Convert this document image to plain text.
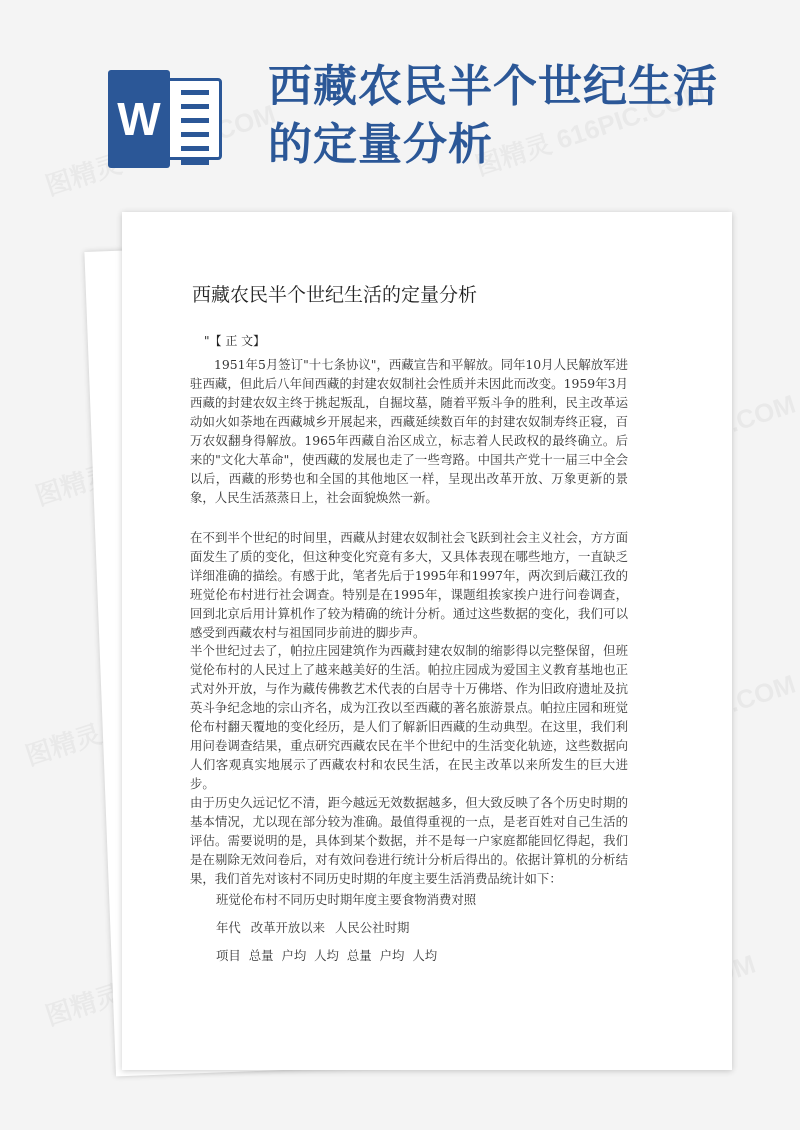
W
西藏农民半个世纪生活的定量分析
西藏农民半个世纪生活的定量分析

"【 正 文】

1951年5月签订"十七条协议"，西藏宣告和平解放。同年10月人民解放军进驻西藏，但此后八年间西藏的封建农奴制社会性质并未因此而改变。1959年3月西藏的封建农奴主终于挑起叛乱，自掘坟墓，随着平叛斗争的胜利，民主改革运动如火如荼地在西藏城乡开展起来，西藏延续数百年的封建农奴制寿终正寝，百万农奴翻身得解放。1965年西藏自治区成立，标志着人民政权的最终确立。后来的"文化大革命"，使西藏的发展也走了一些弯路。中国共产党十一届三中全会以后，西藏的形势也和全国的其他地区一样，呈现出改革开放、万象更新的景象，人民生活蒸蒸日上，社会面貌焕然一新。

在不到半个世纪的时间里，西藏从封建农奴制社会飞跃到社会主义社会，方方面面发生了质的变化，但这种变化究竟有多大，又具体表现在哪些地方，一直缺乏详细准确的描绘。有感于此，笔者先后于1995年和1997年，两次到后藏江孜的班觉伦布村进行社会调查。特别是在1995年，课题组挨家挨户进行问卷调查，回到北京后用计算机作了较为精确的统计分析。通过这些数据的变化，我们可以感受到西藏农村与祖国同步前进的脚步声。

半个世纪过去了，帕拉庄园建筑作为西藏封建农奴制的缩影得以完整保留，但班觉伦布村的人民过上了越来越美好的生活。帕拉庄园成为爱国主义教育基地也正式对外开放，与作为藏传佛教艺术代表的白居寺十万佛塔、作为旧政府遗址及抗英斗争纪念地的宗山齐名，成为江孜以至西藏的著名旅游景点。帕拉庄园和班觉伦布村翻天覆地的变化经历，是人们了解新旧西藏的生动典型。在这里，我们利用问卷调查结果，重点研究西藏农民在半个世纪中的生活变化轨迹，这些数据向人们客观真实地展示了西藏农村和农民生活，在民主改革以来所发生的巨大进步。

由于历史久远记忆不清，距今越远无效数据越多，但大致反映了各个历史时期的基本情况，尤以现在部分较为准确。最值得重视的一点，是老百姓对自己生活的评估。需要说明的是，具体到某个数据，并不是每一户家庭都能回忆得起，我们是在剔除无效问卷后，对有效问卷进行统计分析后得出的。依据计算机的分析结果，我们首先对该村不同历史时期的年度主要生活消费品统计如下：

班觉伦布村不同历史时期年度主要食物消费对照

年代 改革开放以来 人民公社时期

项目 总量 户均 人均 总量 户均 人均
